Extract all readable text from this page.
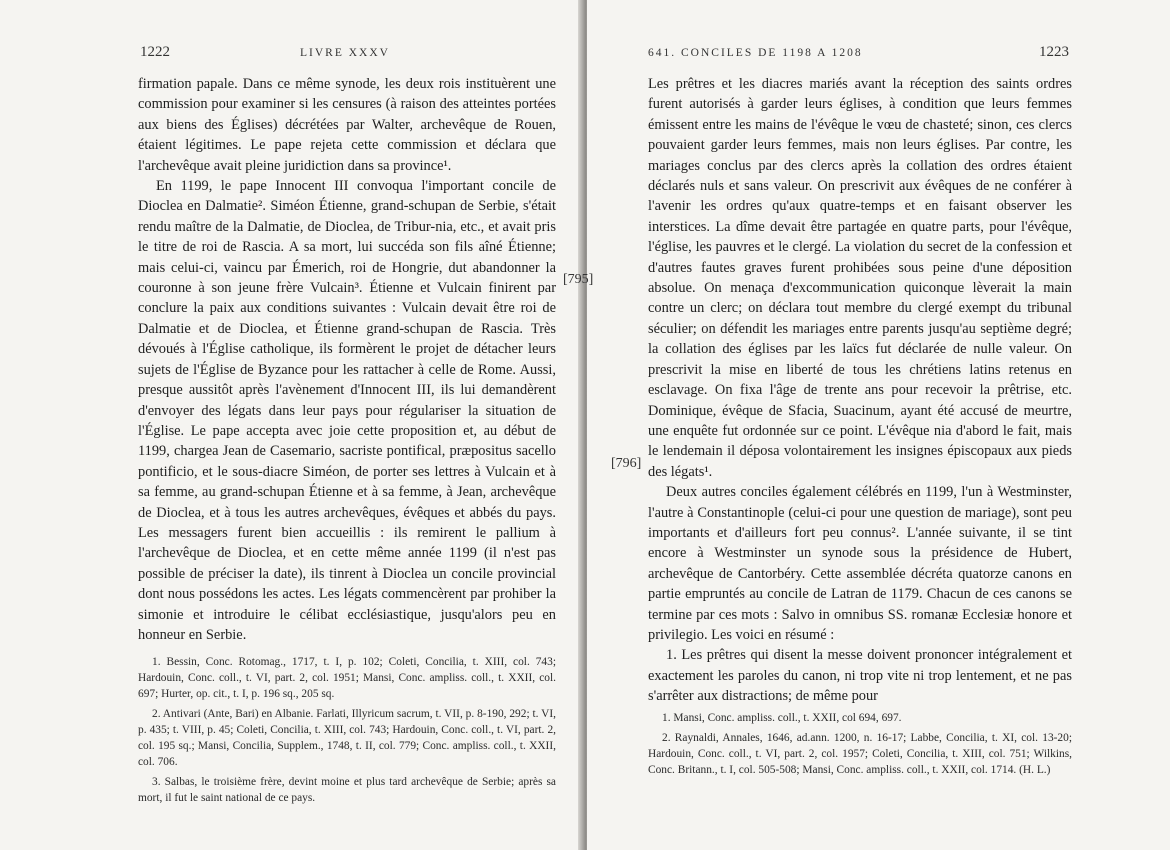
1222	LIVRE XXXV

firmation papale. Dans ce même synode, les deux rois instituèrent une commission pour examiner si les censures (à raison des atteintes portées aux biens des Églises) décrétées par Walter, archevêque de Rouen, étaient légitimes. Le pape rejeta cette commission et déclara que l'archevêque avait pleine juridiction dans sa province¹.

En 1199, le pape Innocent III convoqua l'important concile de Dioclea en Dalmatie². Siméon Étienne, grand-schupan de Serbie, s'était rendu maître de la Dalmatie, de Dioclea, de Tribur-nia, etc., et avait pris le titre de roi de Rascia. A sa mort, lui succéda son fils aîné Étienne; mais celui-ci, vaincu par Émerich, roi de Hongrie, dut abandonner la couronne à son jeune frère Vulcain³. Étienne et Vulcain finirent par conclure la paix aux conditions suivantes : Vulcain devait être roi de Dalmatie et de Dioclea, et Étienne grand-schupan de Rascia. Très dévoués à l'Église catholique, ils formèrent le projet de détacher leurs sujets de l'Église de Byzance pour les rattacher à celle de Rome. Aussi, presque aussitôt après l'avènement d'Innocent III, ils lui demandèrent d'envoyer des légats dans leur pays pour régulariser la situation de l'Église. Le pape accepta avec joie cette proposition et, au début de 1199, chargea Jean de Casemario, sacriste pontifical, præpositus sacello pontificio, et le sous-diacre Siméon, de porter ses lettres à Vulcain et à sa femme, au grand-schupan Étienne et à sa femme, à Jean, archevêque de Dioclea, et à tous les autres archevêques, évêques et abbés du pays. Les messagers furent bien accueillis : ils remirent le pallium à l'archevêque de Dioclea, et en cette même année 1199 (il n'est pas possible de préciser la date), ils tinrent à Dioclea un concile provincial dont nous possédons les actes. Les légats commencèrent par prohiber la simonie et introduire le célibat ecclésiastique, jusqu'alors peu en honneur en Serbie.

1. Bessin, Conc. Rotomag., 1717, t. I, p. 102; Coleti, Concilia, t. XIII, col. 743; Hardouin, Conc. coll., t. VI, part. 2, col. 1951; Mansi, Conc. ampliss. coll., t. XXII, col. 697; Hurter, op. cit., t. I, p. 196 sq., 205 sq.

2. Antivari (Ante, Bari) en Albanie. Farlati, Illyricum sacrum, t. VII, p. 8-190, 292; t. VI, p. 435; t. VIII, p. 45; Coleti, Concilia, t. XIII, col. 743; Hardouin, Conc. coll., t. VI, part. 2, col. 195 sq.; Mansi, Concilia, Supplem., 1748, t. II, col. 779; Conc. ampliss. coll., t. XXII, col. 706.

3. Salbas, le troisième frère, devint moine et plus tard archevêque de Serbie; après sa mort, il fut le saint national de ce pays.

641. CONCILES DE 1198 A 1208	1223

Les prêtres et les diacres mariés avant la réception des saints ordres furent autorisés à garder leurs églises, à condition que leurs femmes émissent entre les mains de l'évêque le vœu de chasteté; sinon, ces clercs pouvaient garder leurs femmes, mais non leurs églises. Par contre, les mariages conclus par des clercs après la collation des ordres étaient déclarés nuls et sans valeur. On prescrivit aux évêques de ne conférer à l'avenir les ordres qu'aux quatre-temps et en faisant observer les interstices. La dîme devait être partagée en quatre parts, pour l'évêque, l'église, les pauvres et le clergé. La violation du secret de la confession et d'autres fautes graves furent prohibées sous peine d'une déposition absolue. On menaça d'excommunication quiconque lèverait la main contre un clerc; on déclara tout membre du clergé exempt du tribunal séculier; on défendit les mariages entre parents jusqu'au septième degré; la collation des églises par les laïcs fut déclarée de nulle valeur. On prescrivit la mise en liberté de tous les chrétiens latins retenus en esclavage. On fixa l'âge de trente ans pour recevoir la prêtrise, etc. Dominique, évêque de Sfacia, Suacinum, ayant été accusé de meurtre, une enquête fut ordonnée sur ce point. L'évêque nia d'abord le fait, mais le lendemain il déposa volontairement les insignes épiscopaux aux pieds des légats¹.

Deux autres conciles également célébrés en 1199, l'un à Westminster, l'autre à Constantinople (celui-ci pour une question de mariage), sont peu importants et d'ailleurs fort peu connus². L'année suivante, il se tint encore à Westminster un synode sous la présidence de Hubert, archevêque de Cantorbéry. Cette assemblée décréta quatorze canons en partie empruntés au concile de Latran de 1179. Chacun de ces canons se termine par ces mots : Salvo in omnibus SS. romanæ Ecclesiæ honore et privilegio. Les voici en résumé :

1. Les prêtres qui disent la messe doivent prononcer intégralement et exactement les paroles du canon, ni trop vite ni trop lentement, et ne pas s'arrêter aux distractions; de même pour

1. Mansi, Conc. ampliss. coll., t. XXII, col 694, 697.

2. Raynaldi, Annales, 1646, ad.ann. 1200, n. 16-17; Labbe, Concilia, t. XI, col. 13-20; Hardouin, Conc. coll., t. VI, part. 2, col. 1957; Coleti, Concilia, t. XIII, col. 751; Wilkins, Conc. Britann., t. I, col. 505-508; Mansi, Conc. ampliss. coll., t. XXII, col. 1714. (H. L.)

[795]
[796]
